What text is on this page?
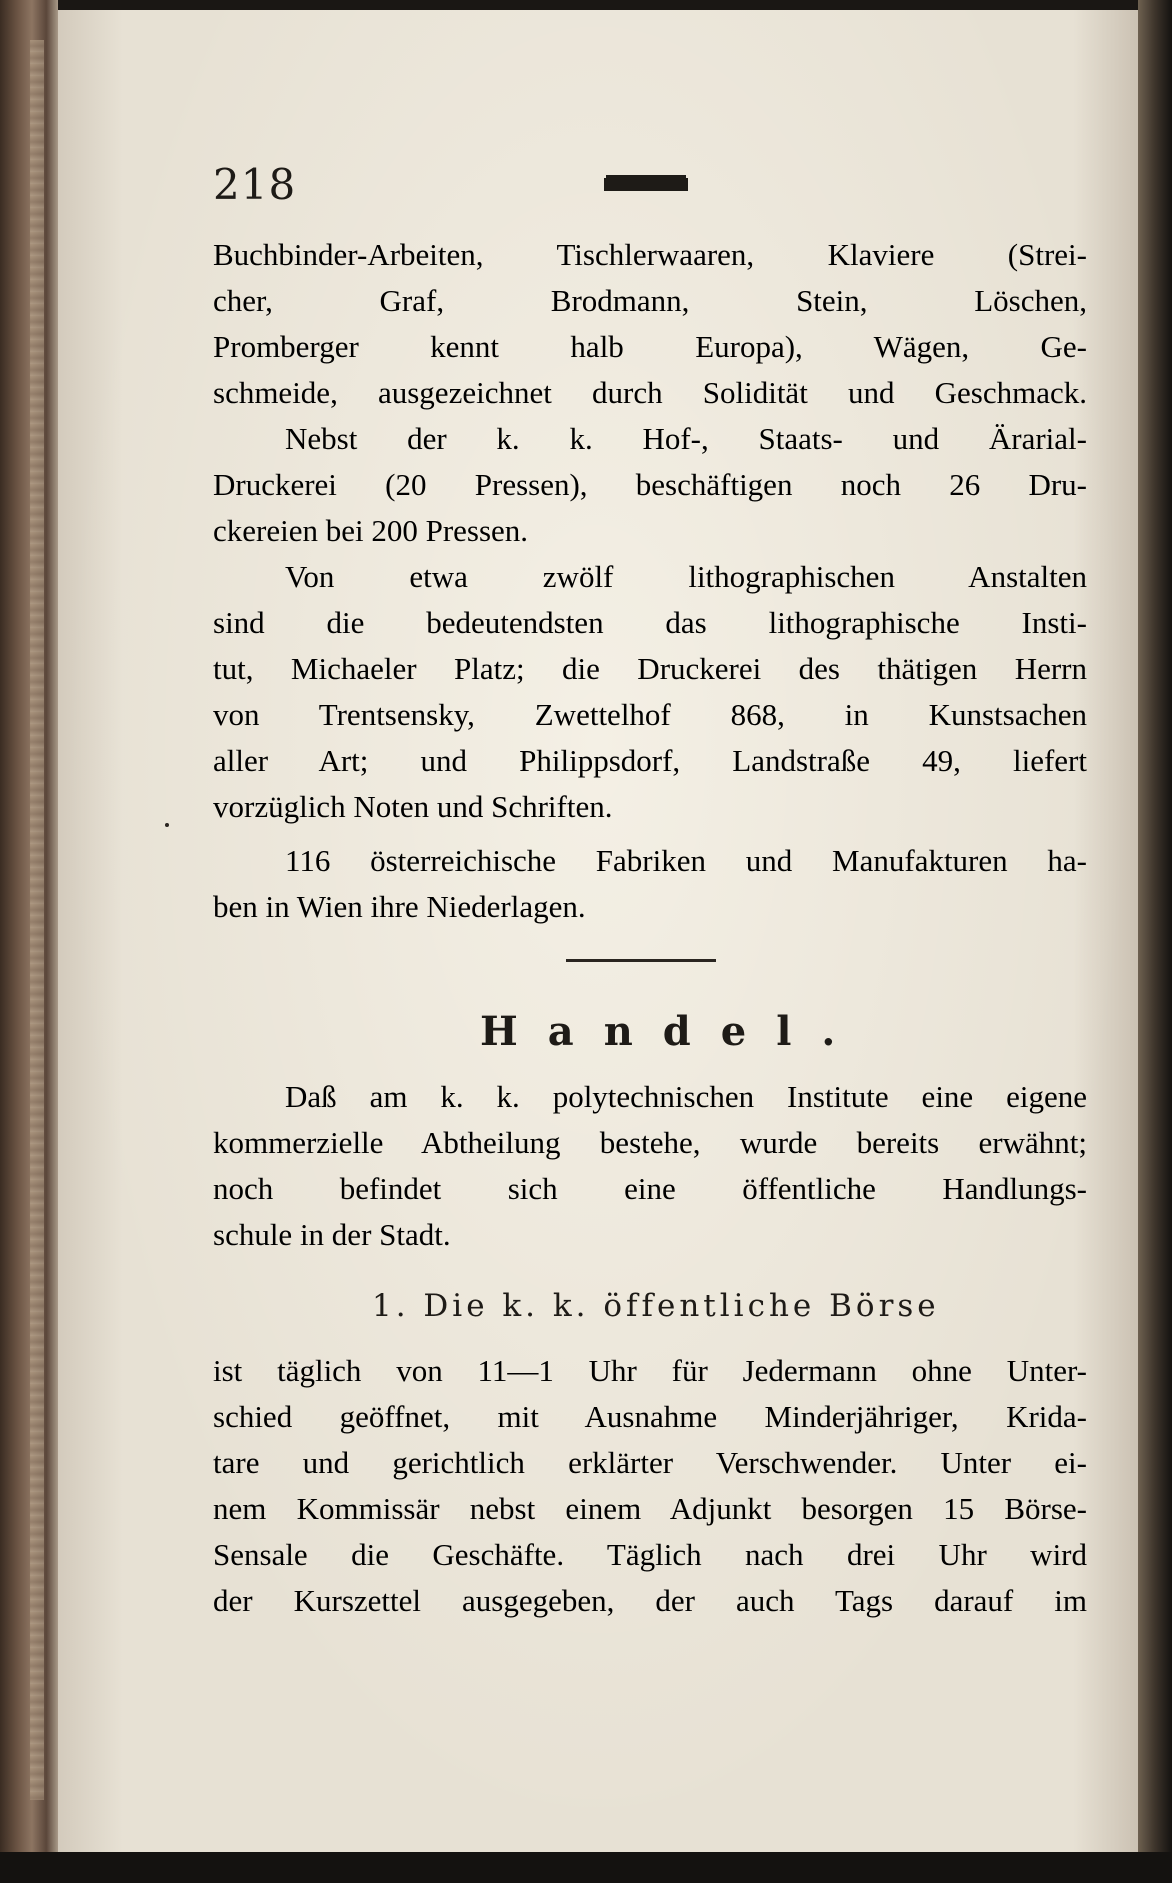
218
Buchbinder-Arbeiten, Tischlerwaaren, Klaviere (Strei-
cher, Graf, Brodmann, Stein, Löschen,
Promberger kennt halb Europa), Wägen, Ge-
schmeide, ausgezeichnet durch Solidität und Geschmack.
Nebst der k. k. Hof-, Staats- und Ärarial-
Druckerei (20 Pressen), beschäftigen noch 26 Dru-
ckereien bei 200 Pressen.
Von etwa zwölf lithographischen Anstalten
sind die bedeutendsten das lithographische Insti-
tut, Michaeler Platz; die Druckerei des thätigen Herrn
von Trentsensky, Zwettelhof 868, in Kunstsachen
aller Art; und Philippsdorf, Landstraße 49, liefert
vorzüglich Noten und Schriften.
116 österreichische Fabriken und Manufakturen ha-
ben in Wien ihre Niederlagen.
Handel.
Daß am k. k. polytechnischen Institute eine eigene
kommerzielle Abtheilung bestehe, wurde bereits erwähnt;
noch befindet sich eine öffentliche Handlungs-
schule in der Stadt.
1. Die k. k. öffentliche Börse
ist täglich von 11—1 Uhr für Jedermann ohne Unter-
schied geöffnet, mit Ausnahme Minderjähriger, Krida-
tare und gerichtlich erklärter Verschwender. Unter ei-
nem Kommissär nebst einem Adjunkt besorgen 15 Börse-
Sensale die Geschäfte. Täglich nach drei Uhr wird
der Kurszettel ausgegeben, der auch Tags darauf im
